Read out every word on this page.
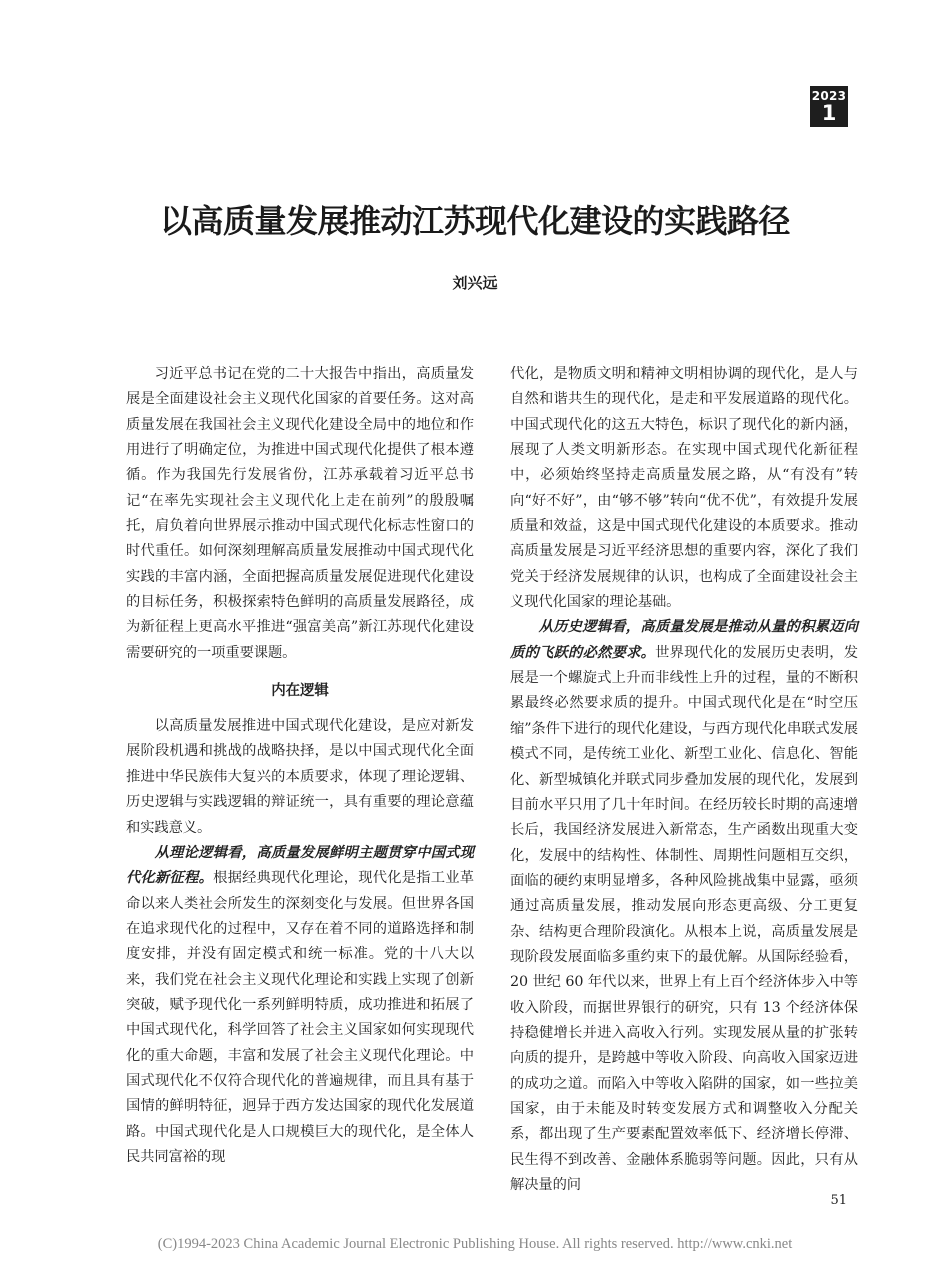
2023
1
以高质量发展推动江苏现代化建设的实践路径
刘兴远

习近平总书记在党的二十大报告中指出，高质量发展是全面建设社会主义现代化国家的首要任务。这对高质量发展在我国社会主义现代化建设全局中的地位和作用进行了明确定位，为推进中国式现代化提供了根本遵循。作为我国先行发展省份，江苏承载着习近平总书记“在率先实现社会主义现代化上走在前列”的殷殷嘱托，肩负着向世界展示推动中国式现代化标志性窗口的时代重任。如何深刻理解高质量发展推动中国式现代化实践的丰富内涵，全面把握高质量发展促进现代化建设的目标任务，积极探索特色鲜明的高质量发展路径，成为新征程上更高水平推进“强富美高”新江苏现代化建设需要研究的一项重要课题。

内在逻辑

以高质量发展推进中国式现代化建设，是应对新发展阶段机遇和挑战的战略抉择，是以中国式现代化全面推进中华民族伟大复兴的本质要求，体现了理论逻辑、历史逻辑与实践逻辑的辩证统一，具有重要的理论意蕴和实践意义。

从理论逻辑看，高质量发展鲜明主题贯穿中国式现代化新征程。根据经典现代化理论，现代化是指工业革命以来人类社会所发生的深刻变化与发展。但世界各国在追求现代化的过程中，又存在着不同的道路选择和制度安排，并没有固定模式和统一标准。党的十八大以来，我们党在社会主义现代化理论和实践上实现了创新突破，赋予现代化一系列鲜明特质，成功推进和拓展了中国式现代化，科学回答了社会主义国家如何实现现代化的重大命题，丰富和发展了社会主义现代化理论。中国式现代化不仅符合现代化的普遍规律，而且具有基于国情的鲜明特征，迥异于西方发达国家的现代化发展道路。中国式现代化是人口规模巨大的现代化，是全体人民共同富裕的现

代化，是物质文明和精神文明相协调的现代化，是人与自然和谐共生的现代化，是走和平发展道路的现代化。中国式现代化的这五大特色，标识了现代化的新内涵，展现了人类文明新形态。在实现中国式现代化新征程中，必须始终坚持走高质量发展之路，从“有没有”转向“好不好”，由“够不够”转向“优不优”，有效提升发展质量和效益，这是中国式现代化建设的本质要求。推动高质量发展是习近平经济思想的重要内容，深化了我们党关于经济发展规律的认识，也构成了全面建设社会主义现代化国家的理论基础。

从历史逻辑看，高质量发展是推动从量的积累迈向质的飞跃的必然要求。世界现代化的发展历史表明，发展是一个螺旋式上升而非线性上升的过程，量的不断积累最终必然要求质的提升。中国式现代化是在“时空压缩”条件下进行的现代化建设，与西方现代化串联式发展模式不同，是传统工业化、新型工业化、信息化、智能化、新型城镇化并联式同步叠加发展的现代化，发展到目前水平只用了几十年时间。在经历较长时期的高速增长后，我国经济发展进入新常态，生产函数出现重大变化，发展中的结构性、体制性、周期性问题相互交织，面临的硬约束明显增多，各种风险挑战集中显露，亟须通过高质量发展，推动发展向形态更高级、分工更复杂、结构更合理阶段演化。从根本上说，高质量发展是现阶段发展面临多重约束下的最优解。从国际经验看，20 世纪 60 年代以来，世界上有上百个经济体步入中等收入阶段，而据世界银行的研究，只有 13 个经济体保持稳健增长并进入高收入行列。实现发展从量的扩张转向质的提升，是跨越中等收入阶段、向高收入国家迈进的成功之道。而陷入中等收入陷阱的国家，如一些拉美国家，由于未能及时转变发展方式和调整收入分配关系，都出现了生产要素配置效率低下、经济增长停滞、民生得不到改善、金融体系脆弱等问题。因此，只有从解决量的问

51
(C)1994-2023 China Academic Journal Electronic Publishing House. All rights reserved. http://www.cnki.net
